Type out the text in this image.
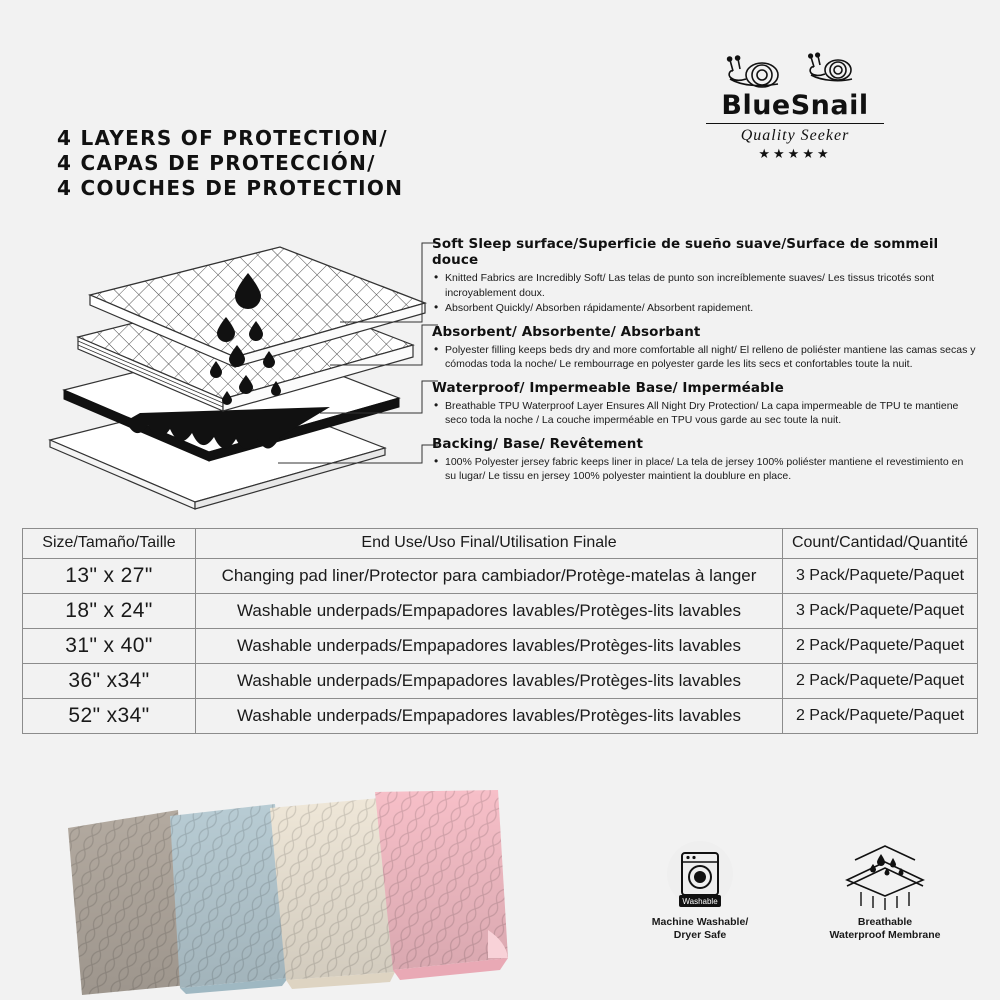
BlueSnail
Quality Seeker
★★★★★
4 LAYERS OF PROTECTION/
4 CAPAS DE PROTECCIÓN/
4 COUCHES DE PROTECTION
Soft Sleep surface/Superficie de sueño suave/Surface de sommeil douce
• Knitted Fabrics are Incredibly Soft/ Las telas de punto son increíblemente suaves/ Les tissus tricotés sont incroyablement doux.
• Absorbent Quickly/ Absorben rápidamente/ Absorbent rapidement.
Absorbent/ Absorbente/ Absorbant
• Polyester filling keeps beds dry and more comfortable all night/ El relleno de poliéster mantiene las camas secas y cómodas toda la noche/ Le rembourrage en polyester garde les lits secs et confortables toute la nuit.
Waterproof/ Impermeable Base/ Imperméable
• Breathable TPU Waterproof Layer Ensures All Night Dry Protection/ La capa impermeable de TPU te mantiene seco toda la noche / La couche imperméable en TPU vous garde au sec toute la nuit.
Backing/ Base/ Revêtement
• 100% Polyester jersey fabric keeps liner in place/ La tela de jersey 100% poliéster mantiene el revestimiento en su lugar/ Le tissu en jersey 100% polyester maintient la doublure en place.
Size/Tamaño/Taille	End Use/Uso Final/Utilisation Finale	Count/Cantidad/Quantité
13" x 27"	Changing pad liner/Protector para cambiador/Protège-matelas à langer	3 Pack/Paquete/Paquet
18" x 24"	Washable underpads/Empapadores lavables/Protèges-lits lavables	3 Pack/Paquete/Paquet
31" x 40"	Washable underpads/Empapadores lavables/Protèges-lits lavables	2 Pack/Paquete/Paquet
36" x34"	Washable underpads/Empapadores lavables/Protèges-lits lavables	2 Pack/Paquete/Paquet
52" x34"	Washable underpads/Empapadores lavables/Protèges-lits lavables	2 Pack/Paquete/Paquet
Washable
Machine Washable/
Dryer Safe
Breathable
Waterproof Membrane
